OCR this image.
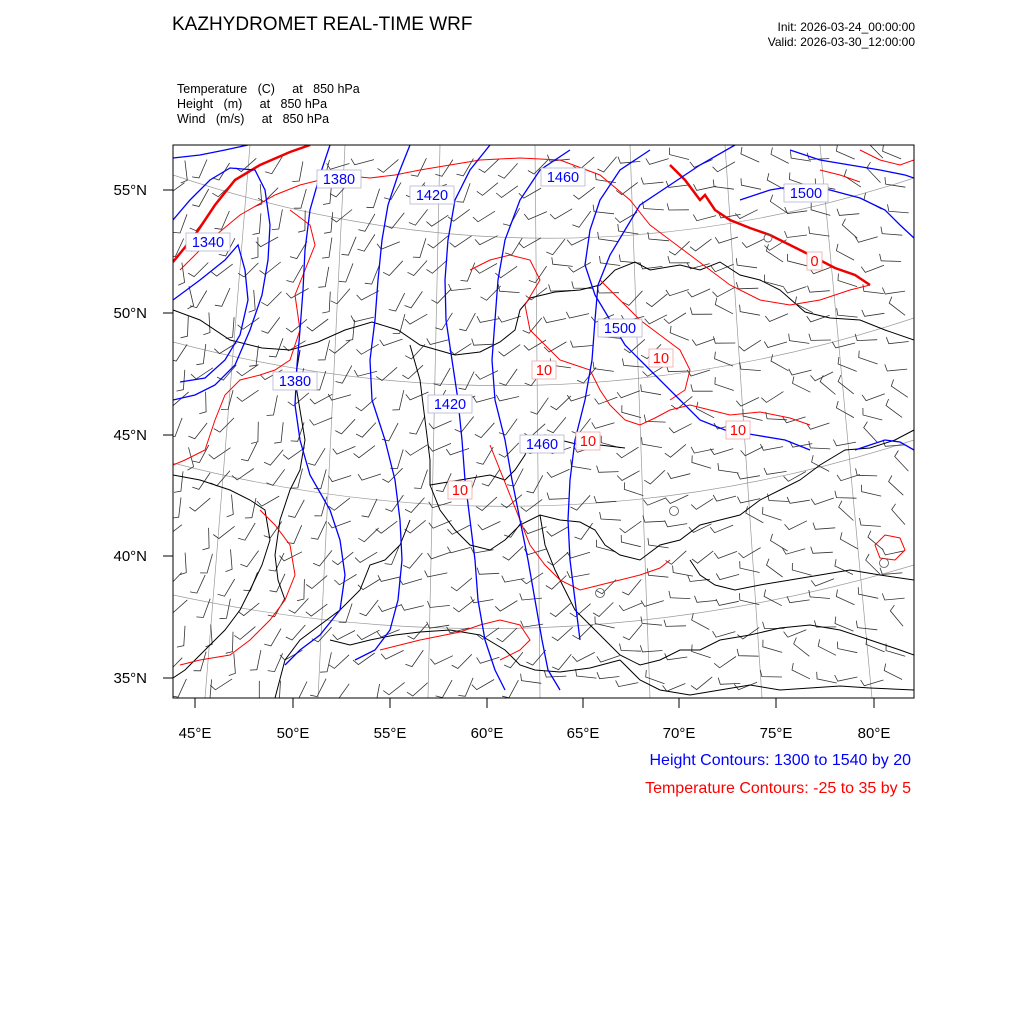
KAZHYDROMET REAL-TIME WRF	Init: 2026-03-24_00:00:00
Valid: 2026-03-30_12:00:00
Temperature   (C)     at   850 hPa
Height   (m)     at   850 hPa
Wind   (m/s)     at   850 hPa
55°N
50°N
45°N
40°N
35°N
45°E	50°E	55°E	60°E	65°E	70°E	75°E	80°E
1380
1420
1460
1500
1340
1500
1380
1420
1460
0
10
10
10
10
10
Height Contours: 1300 to 1540 by 20
Temperature Contours: -25 to 35 by 5
